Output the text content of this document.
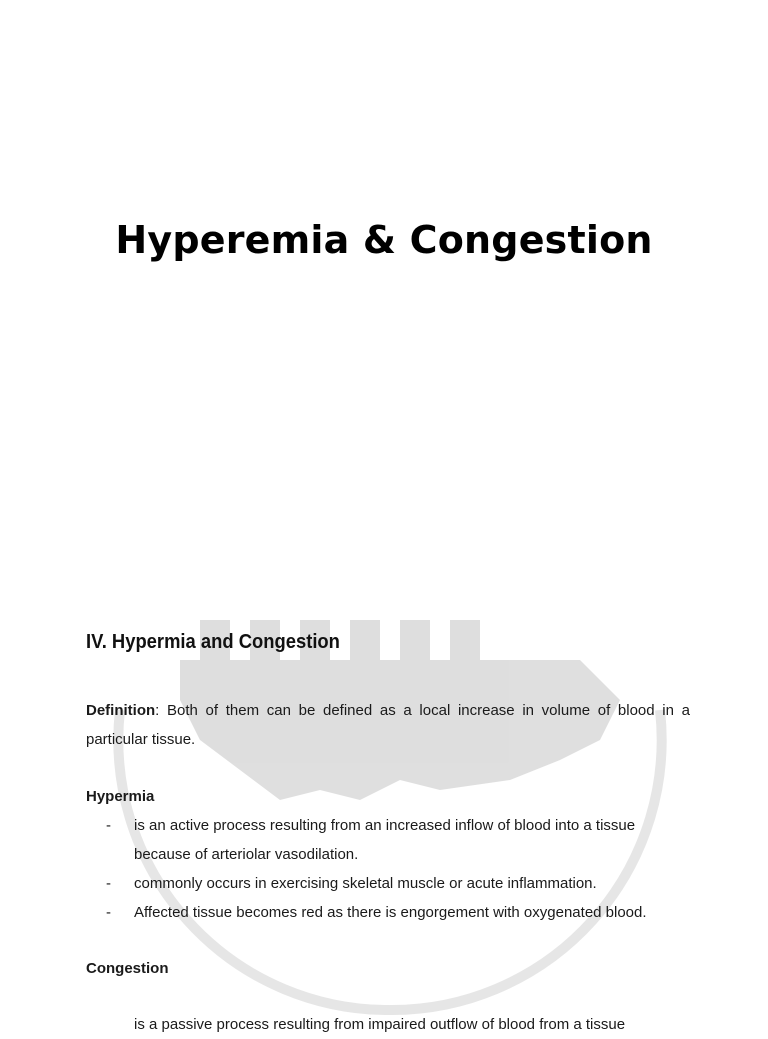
Hyperemia & Congestion
IV. Hypermia and Congestion
Definition: Both of them can be defined as a local increase in volume of blood in a particular tissue.
Hypermia
- is an active process resulting from an increased inflow of blood into a tissue because of arteriolar vasodilation.
- commonly occurs in exercising skeletal muscle or acute inflammation.
- Affected tissue becomes red as there is engorgement with oxygenated blood.
Congestion
is a passive process resulting from impaired outflow of blood from a tissue
